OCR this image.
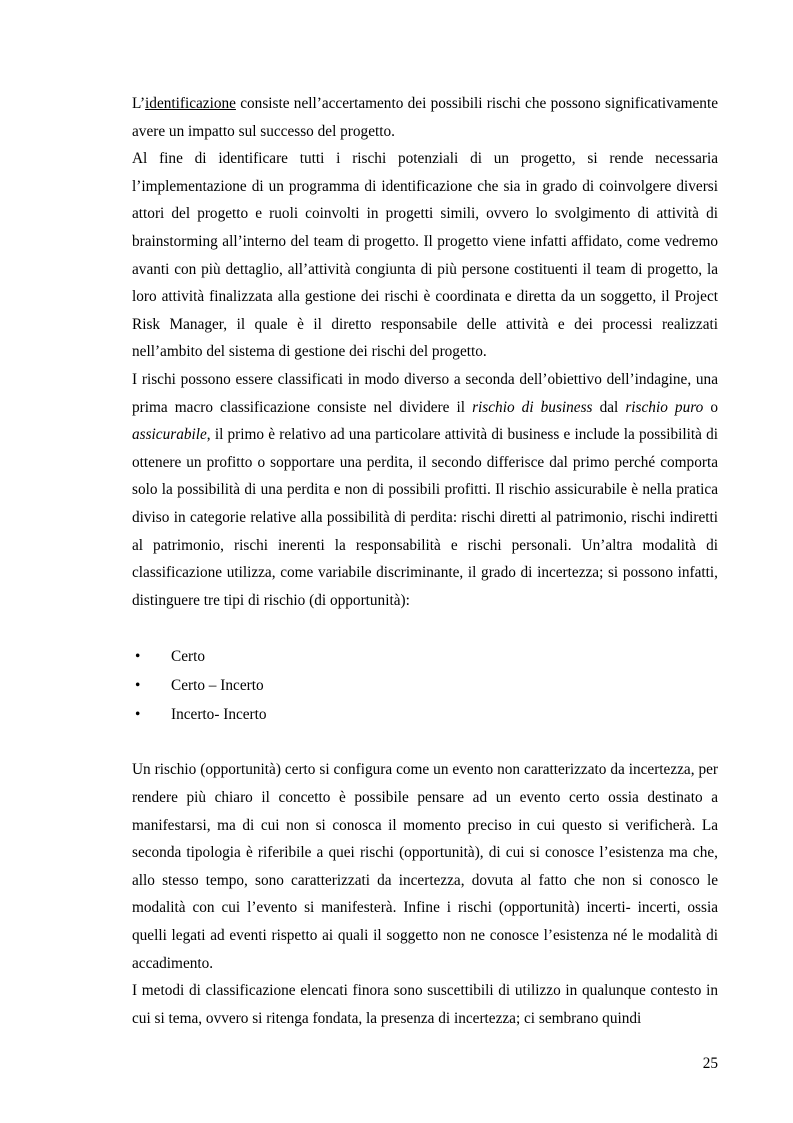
L’identificazione consiste nell’accertamento dei possibili rischi che possono significativamente avere un impatto sul successo del progetto.

Al fine di identificare tutti i rischi potenziali di un progetto, si rende necessaria l’implementazione di un programma di identificazione che sia in grado di coinvolgere diversi attori del progetto e ruoli coinvolti in progetti simili, ovvero lo svolgimento di attività di brainstorming all’interno del team di progetto. Il progetto viene infatti affidato, come vedremo avanti con più dettaglio, all’attività congiunta di più persone costituenti il team di progetto, la loro attività finalizzata alla gestione dei rischi è coordinata e diretta da un soggetto, il Project Risk Manager, il quale è il diretto responsabile delle attività e dei processi realizzati nell’ambito del sistema di gestione dei rischi del progetto.

I rischi possono essere classificati in modo diverso a seconda dell’obiettivo dell’indagine, una prima macro classificazione consiste nel dividere il rischio di business dal rischio puro o assicurabile, il primo è relativo ad una particolare attività di business e include la possibilità di ottenere un profitto o sopportare una perdita, il secondo differisce dal primo perché comporta solo la possibilità di una perdita e non di possibili profitti. Il rischio assicurabile è nella pratica diviso in categorie relative alla possibilità di perdita: rischi diretti al patrimonio, rischi indiretti al patrimonio, rischi inerenti la responsabilità e rischi personali. Un’altra modalità di classificazione utilizza, come variabile discriminante, il grado di incertezza; si possono infatti, distinguere tre tipi di rischio (di opportunità):

• Certo
• Certo – Incerto
• Incerto- Incerto

Un rischio (opportunità) certo si configura come un evento non caratterizzato da incertezza, per rendere più chiaro il concetto è possibile pensare ad un evento certo ossia destinato a manifestarsi, ma di cui non si conosca il momento preciso in cui questo si verificherà. La seconda tipologia è riferibile a quei rischi (opportunità), di cui si conosce l’esistenza ma che, allo stesso tempo, sono caratterizzati da incertezza, dovuta al fatto che non si conosco le modalità con cui l’evento si manifesterà. Infine i rischi (opportunità) incerti- incerti, ossia quelli legati ad eventi rispetto ai quali il soggetto non ne conosce l’esistenza né le modalità di accadimento.

I metodi di classificazione elencati finora sono suscettibili di utilizzo in qualunque contesto in cui si tema, ovvero si ritenga fondata, la presenza di incertezza; ci sembrano quindi

25
